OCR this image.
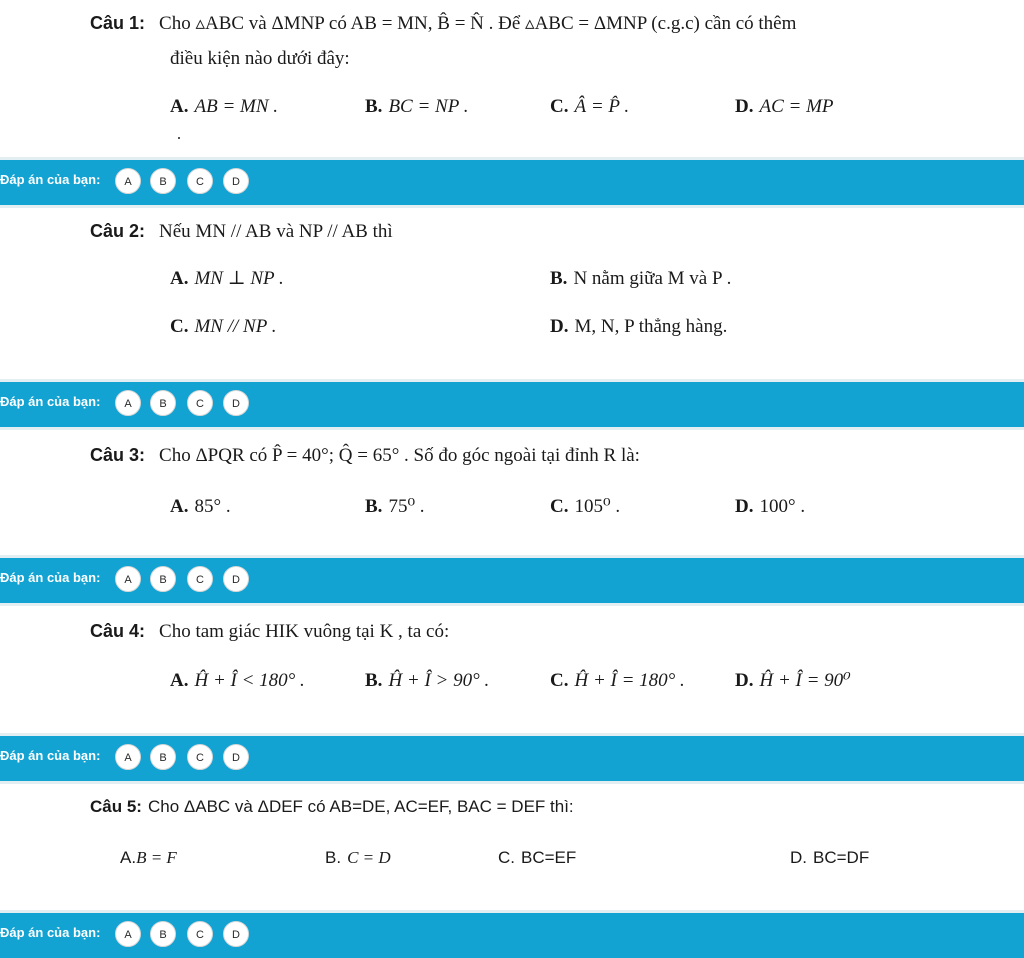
Câu 1: Cho ▵ABC và ΔMNP có AB = MN, B̂ = N̂ . Để ▵ABC = ΔMNP (c.g.c) cần có thêm
điều kiện nào dưới đây:
A. AB = MN .	B. BC = NP .	C. Â = P̂ .	D. AC = MP
Đáp án của bạn:	A	B	C	D
Câu 2: Nếu MN // AB và NP // AB thì
A. MN ⊥ NP .	B. N nằm giữa M và P .
C. MN // NP .	D. M, N, P thẳng hàng.
Đáp án của bạn:	A	B	C	D
Câu 3: Cho ΔPQR có P̂ = 40°; Q̂ = 65° . Số đo góc ngoài tại đỉnh R là:
A. 85° .	B. 75⁰ .	C. 105⁰ .	D. 100° .
Đáp án của bạn:	A	B	C	D
Câu 4: Cho tam giác HIK vuông tại K , ta có:
A. Ĥ + Î < 180° .	B. Ĥ + Î > 90° .	C. Ĥ + Î = 180° .	D. Ĥ + Î = 90⁰
Đáp án của bạn:	A	B	C	D
Câu 5: Cho ΔABC và ΔDEF có AB=DE, AC=EF, BAC = DEF thì:
A.B = F	B. C = D	C. BC=EF	D. BC=DF
Đáp án của bạn:	A	B	C	D
